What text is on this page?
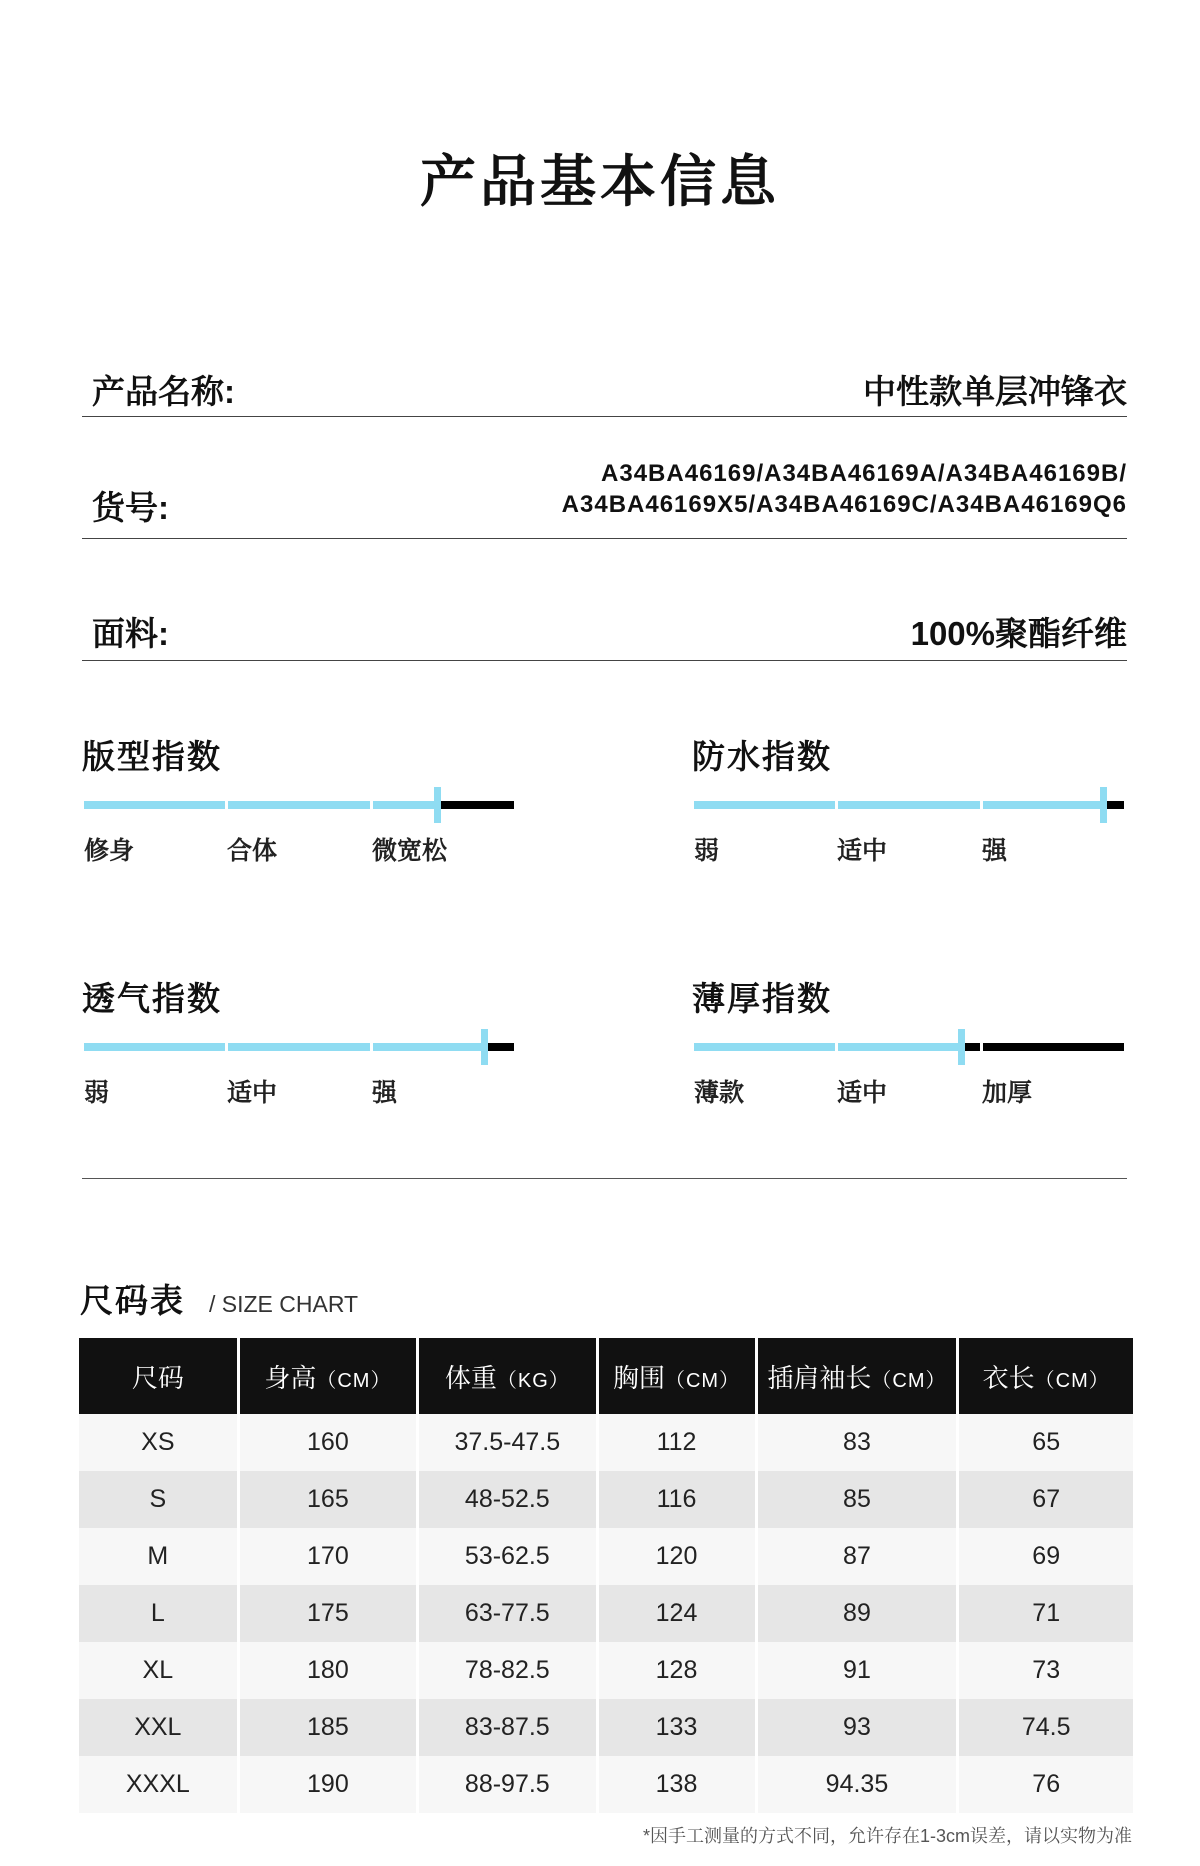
产品基本信息
产品名称:	中性款单层冲锋衣
货号:
A34BA46169/A34BA46169A/A34BA46169B/
A34BA46169X5/A34BA46169C/A34BA46169Q6
面料:	100%聚酯纤维
版型指数
修身	合体	微宽松
防水指数
弱	适中	强
透气指数
弱	适中	强
薄厚指数
薄款	适中	加厚
尺码表 / SIZE CHART
尺码	身高（CM）	体重（KG）	胸围（CM）	插肩袖长（CM）	衣长（CM）
XS	160	37.5-47.5	112	83	65
S	165	48-52.5	116	85	67
M	170	53-62.5	120	87	69
L	175	63-77.5	124	89	71
XL	180	78-82.5	128	91	73
XXL	185	83-87.5	133	93	74.5
XXXL	190	88-97.5	138	94.35	76
*因手工测量的方式不同，允许存在1-3cm误差，请以实物为准
